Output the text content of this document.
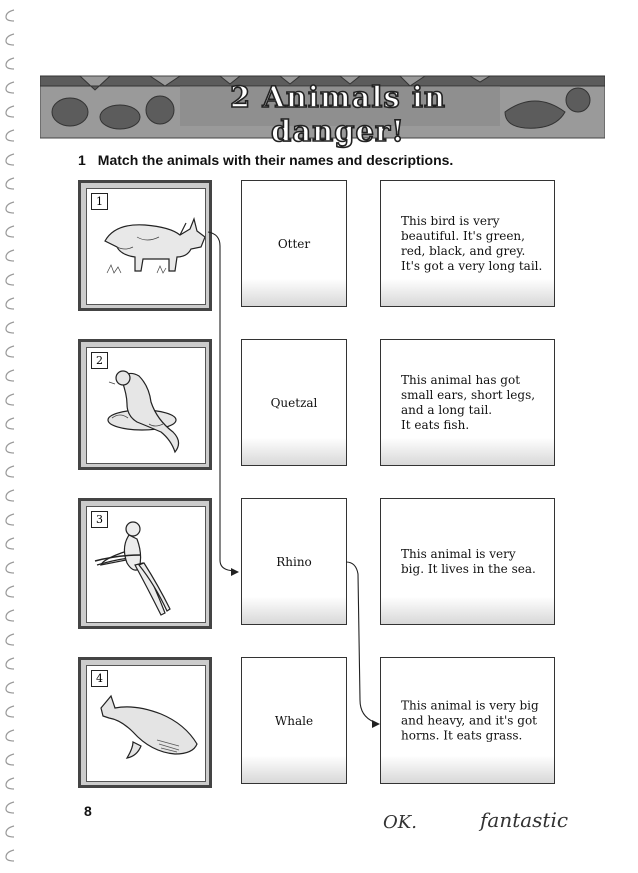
2 Animals in danger!
1 Match the animals with their names and descriptions.
1
2
3
4
Otter
Quetzal
Rhino
Whale
This bird is very
beautiful. It's green,
red, black, and grey.
It's got a very long tail.
This animal has got
small ears, short legs,
and a long tail.
It eats fish.
This animal is very
big. It lives in the sea.
This animal is very big
and heavy, and it's got
horns. It eats grass.
8
OK.	fantastic
